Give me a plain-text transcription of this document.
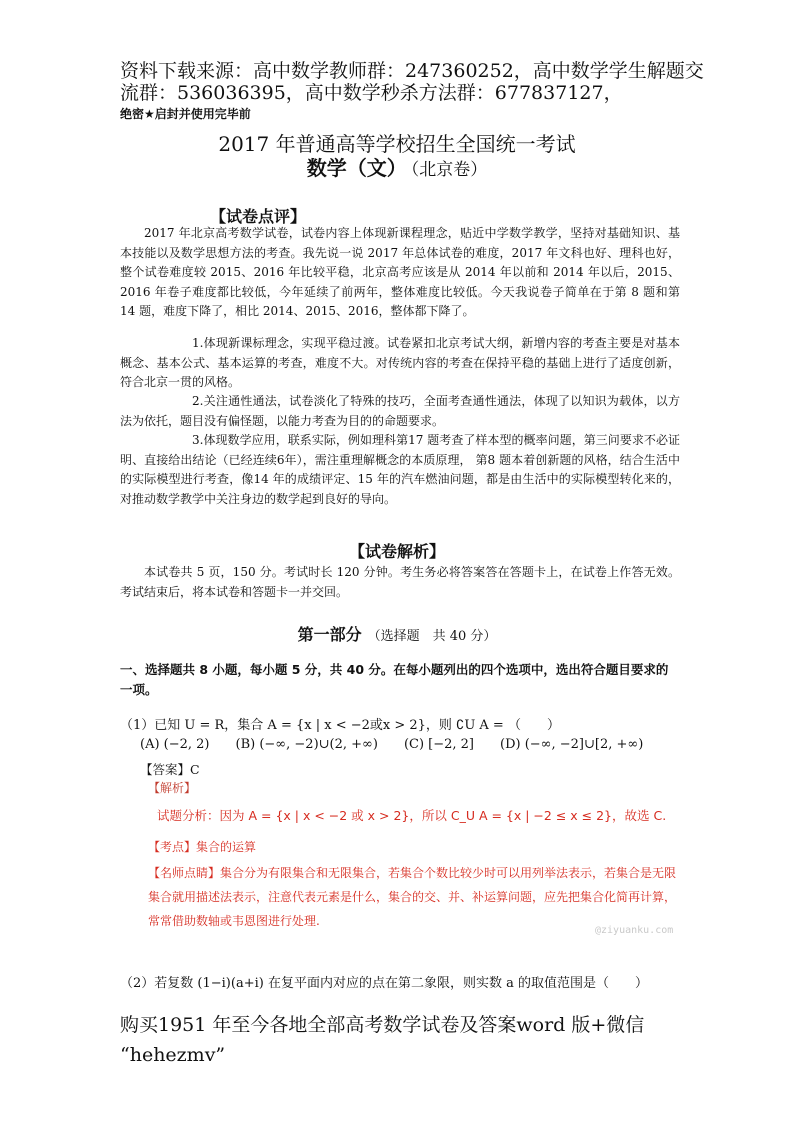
资料下载来源：高中数学教师群：247360252，高中数学学生解题交
流群：536036395，高中数学秒杀方法群：677837127，
绝密★启封并使用完毕前
2017 年普通高等学校招生全国统一考试
数学（文） （北京卷）
【试卷点评】
2017 年北京高考数学试卷，试卷内容上体现新课程理念，贴近中学数学教学，坚持对基础知识、基本技能以及数学思想方法的考查。我先说一说 2017 年总体试卷的难度，2017 年文科也好、理科也好，整个试卷难度较 2015、2016 年比较平稳，北京高考应该是从 2014 年以前和 2014 年以后，2015、2016 年卷子难度都比较低，今年延续了前两年，整体难度比较低。今天我说卷子简单在于第 8 题和第 14 题，难度下降了，相比 2014、2015、2016，整体都下降了。
1.体现新课标理念，实现平稳过渡。试卷紧扣北京考试大纲，新增内容的考查主要是对基本概念、基本公式、基本运算的考查，难度不大。对传统内容的考查在保持平稳的基础上进行了适度创新，符合北京一贯的风格。
2.关注通性通法，试卷淡化了特殊的技巧，全面考查通性通法，体现了以知识为载体，以方法为依托，题目没有偏怪题，以能力考查为目的的命题要求。
3.体现数学应用，联系实际，例如理科第17 题考查了样本型的概率问题，第三问要求不必证明、直接给出结论（已经连续6年），需注重理解概念的本质原理， 第8 题本着创新题的风格，结合生活中的实际模型进行考查，像14 年的成绩评定、15 年的汽车燃油问题，都是由生活中的实际模型转化来的，对推动数学教学中关注身边的数学起到良好的导向。
【试卷解析】
本试卷共 5 页，150 分。考试时长 120 分钟。考生务必将答案答在答题卡上，在试卷上作答无效。考试结束后，将本试卷和答题卡一并交回。
第一部分 （选择题　共 40 分）
一、选择题共 8 小题，每小题 5 分，共 40 分。在每小题列出的四个选项中，选出符合题目要求的一项。
（1）已知 U = R，集合 A = {x | x < −2或x > 2}，则 ∁U A = （　　）
(A) (−2, 2) (B) (−∞, −2)∪(2, +∞) (C) [−2, 2] (D) (−∞, −2]∪[2, +∞)
【答案】C
【解析】
试题分析：因为 A = {x | x < −2 或 x > 2}，所以 C_U A = {x | −2 ≤ x ≤ 2}，故选 C.
【考点】集合的运算
【名师点睛】集合分为有限集合和无限集合，若集合个数比较少时可以用列举法表示，若集合是无限集合就用描述法表示，注意代表元素是什么，集合的交、并、补运算问题，应先把集合化简再计算，常常借助数轴或韦恩图进行处理.
@ziyuanku.com
（2）若复数 (1−i)(a+i) 在复平面内对应的点在第二象限，则实数 a 的取值范围是（　　）
购买1951 年至今各地全部高考数学试卷及答案word 版+微信
“hehezmv”
